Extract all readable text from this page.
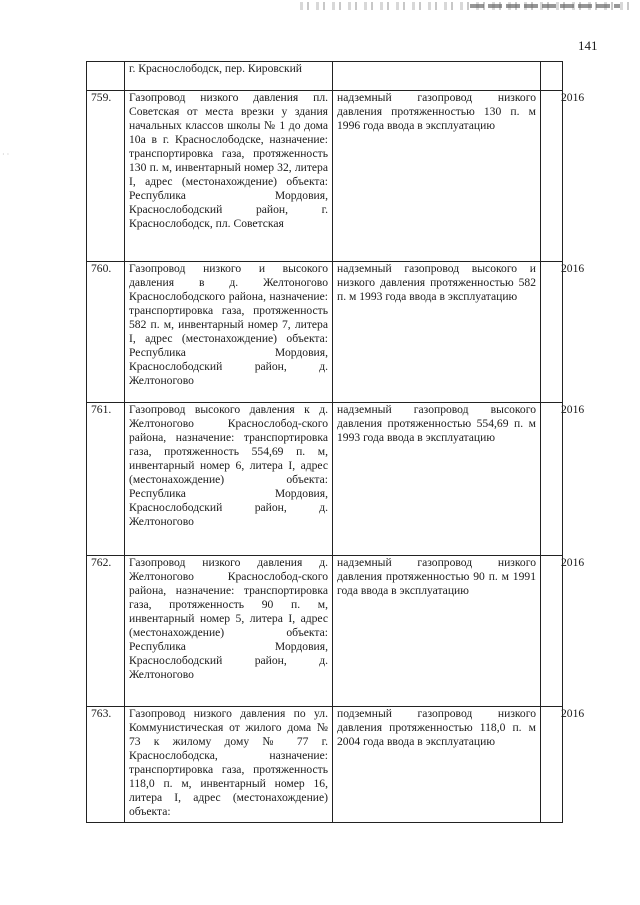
· ·
141
	г. Краснослободск, пер. Кировский		
759.	Газопровод низкого давления пл. Советская от места врезки у здания начальных классов школы № 1 до дома 10а в г. Краснослободске, назначение: транспортировка газа, протяженность 130 п. м, инвентарный номер 32, литера I, адрес (местонахождение) объекта: Республика Мордовия, Краснослободский район, г. Краснослободск, пл. Советская	надземный газопровод низкого давления протяженностью 130 п. м 1996 года ввода в эксплуатацию	2016
760.	Газопровод низкого и высокого давления в д. Желтоногово Краснослободского района, назначение: транспортировка газа, протяженность 582 п. м, инвентарный номер 7, литера I, адрес (местонахождение) объекта: Республика Мордовия, Краснослободский район, д. Желтоногово	надземный газопровод высокого и низкого давления протяженностью 582 п. м 1993 года ввода в эксплуатацию	2016
761.	Газопровод высокого давления к д. Желтоногово Краснослобод-ского района, назначение: транспортировка газа, протяженность 554,69 п. м, инвентарный номер 6, литера I, адрес (местонахождение) объекта: Республика Мордовия, Краснослободский район, д. Желтоногово	надземный газопровод высокого давления протяженностью 554,69 п. м 1993 года ввода в эксплуатацию	2016
762.	Газопровод низкого давления д. Желтоногово Краснослобод-ского района, назначение: транспортировка газа, протяженность 90 п. м, инвентарный номер 5, литера I, адрес (местонахождение) объекта: Республика Мордовия, Краснослободский район, д. Желтоногово	надземный газопровод низкого давления протяженностью 90 п. м 1991 года ввода в эксплуатацию	2016
763.	Газопровод низкого давления по ул. Коммунистическая от жилого дома № 73 к жилому дому № 77 г. Краснослободска, назначение: транспортировка газа, протяженность 118,0 п. м, инвентарный номер 16, литера I, адрес (местонахождение) объекта:	подземный газопровод низкого давления протяженностью 118,0 п. м 2004 года ввода в эксплуатацию	2016
